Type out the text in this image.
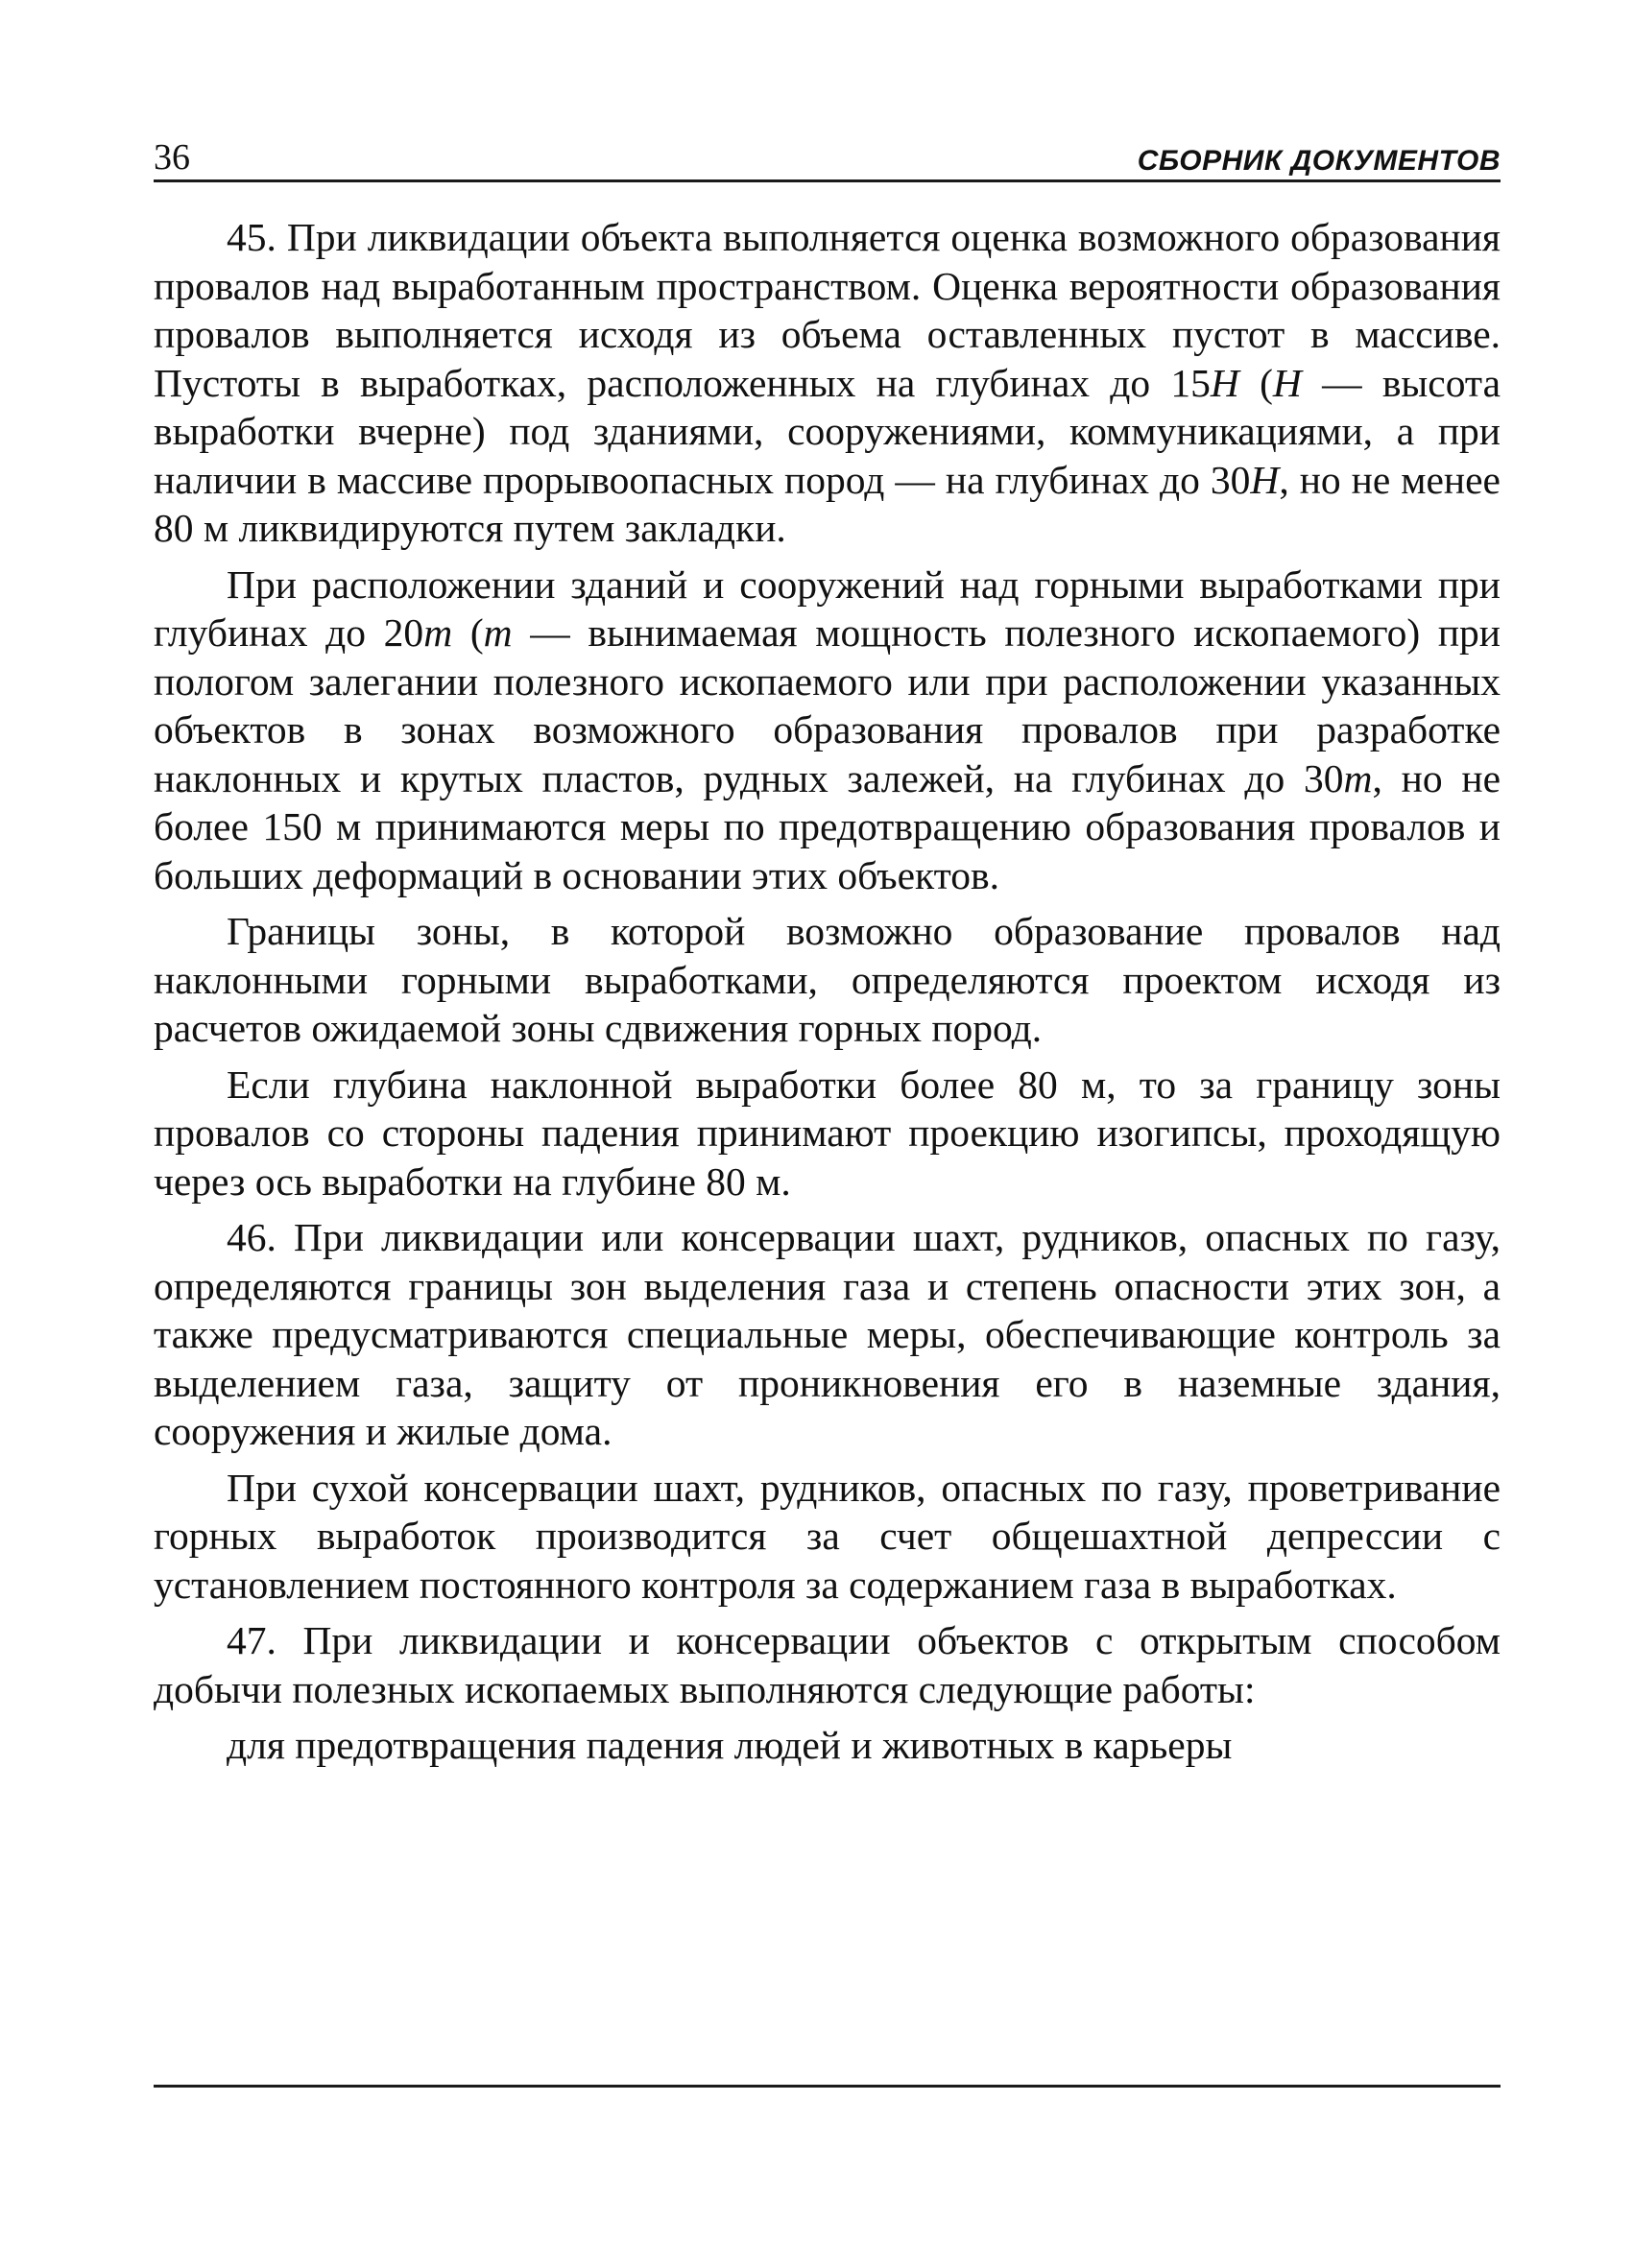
36	СБОРНИК ДОКУМЕНТОВ

45. При ликвидации объекта выполняется оценка возможного образования провалов над выработанным пространством. Оценка вероятности образования провалов выполняется исходя из объема оставленных пустот в массиве. Пустоты в выработках, расположенных на глубинах до 15H (H — высота выработки вчерне) под зданиями, сооружениями, коммуникациями, а при наличии в массиве прорывоопасных пород — на глубинах до 30H, но не менее 80 м ликвидируются путем закладки.

При расположении зданий и сооружений над горными выработками при глубинах до 20m (m — вынимаемая мощность полезного ископаемого) при пологом залегании полезного ископаемого или при расположении указанных объектов в зонах возможного образования провалов при разработке наклонных и крутых пластов, рудных залежей, на глубинах до 30m, но не более 150 м принимаются меры по предотвращению образования провалов и больших деформаций в основании этих объектов.

Границы зоны, в которой возможно образование провалов над наклонными горными выработками, определяются проектом исходя из расчетов ожидаемой зоны сдвижения горных пород.

Если глубина наклонной выработки более 80 м, то за границу зоны провалов со стороны падения принимают проекцию изогипсы, проходящую через ось выработки на глубине 80 м.

46. При ликвидации или консервации шахт, рудников, опасных по газу, определяются границы зон выделения газа и степень опасности этих зон, а также предусматриваются специальные меры, обеспечивающие контроль за выделением газа, защиту от проникновения его в наземные здания, сооружения и жилые дома.

При сухой консервации шахт, рудников, опасных по газу, проветривание горных выработок производится за счет общешахтной депрессии с установлением постоянного контроля за содержанием газа в выработках.

47. При ликвидации и консервации объектов с открытым способом добычи полезных ископаемых выполняются следующие работы:

для предотвращения падения людей и животных в карьеры
